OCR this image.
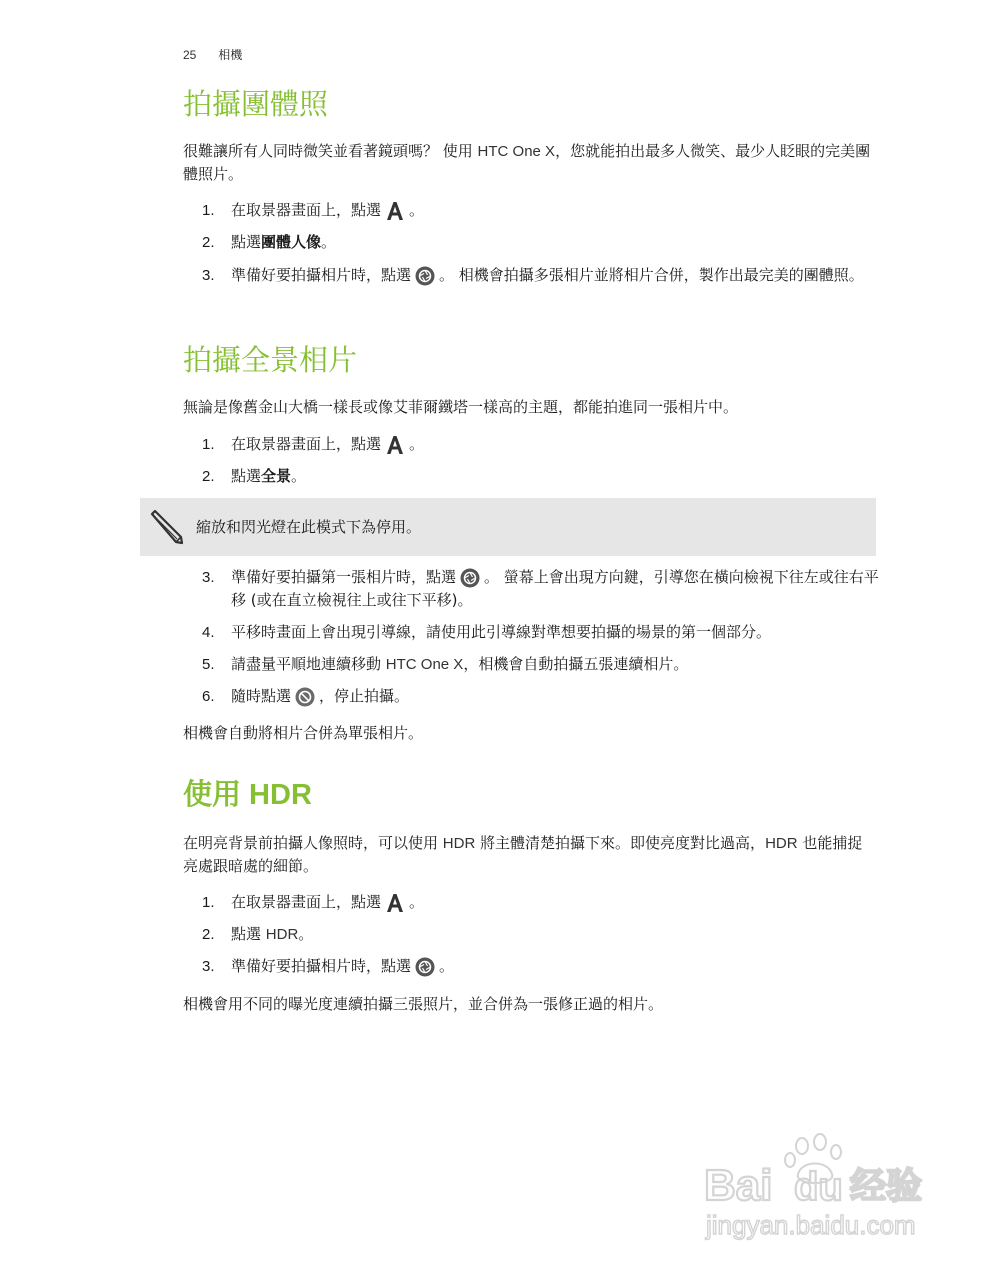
25 相機
拍攝團體照

很難讓所有人同時微笑並看著鏡頭嗎？ 使用 HTC One X，您就能拍出最多人微笑、最少人眨眼的完美團體照片。

1. 在取景器畫面上，點選 。
2. 點選團體人像。
3. 準備好要拍攝相片時，點選 。 相機會拍攝多張相片並將相片合併，製作出最完美的團體照。
拍攝全景相片

無論是像舊金山大橋一樣長或像艾菲爾鐵塔一樣高的主題，都能拍進同一張相片中。

1. 在取景器畫面上，點選 。
2. 點選全景。
縮放和閃光燈在此模式下為停用。
3. 準備好要拍攝第一張相片時，點選 。 螢幕上會出現方向鍵，引導您在橫向檢視下往左或往右平移 (或在直立檢視往上或往下平移)。
4. 平移時畫面上會出現引導線，請使用此引導線對準想要拍攝的場景的第一個部分。
5. 請盡量平順地連續移動 HTC One X，相機會自動拍攝五張連續相片。
6. 隨時點選 ，停止拍攝。

相機會自動將相片合併為單張相片。

使用 HDR

在明亮背景前拍攝人像照時，可以使用 HDR 將主體清楚拍攝下來。即使亮度對比過高，HDR 也能捕捉亮處跟暗處的細節。

1. 在取景器畫面上，點選 。
2. 點選 HDR。
3. 準備好要拍攝相片時，點選 。

相機會用不同的曝光度連續拍攝三張照片，並合併為一張修正過的相片。

Bai du 经验
jingyan.baidu.com
